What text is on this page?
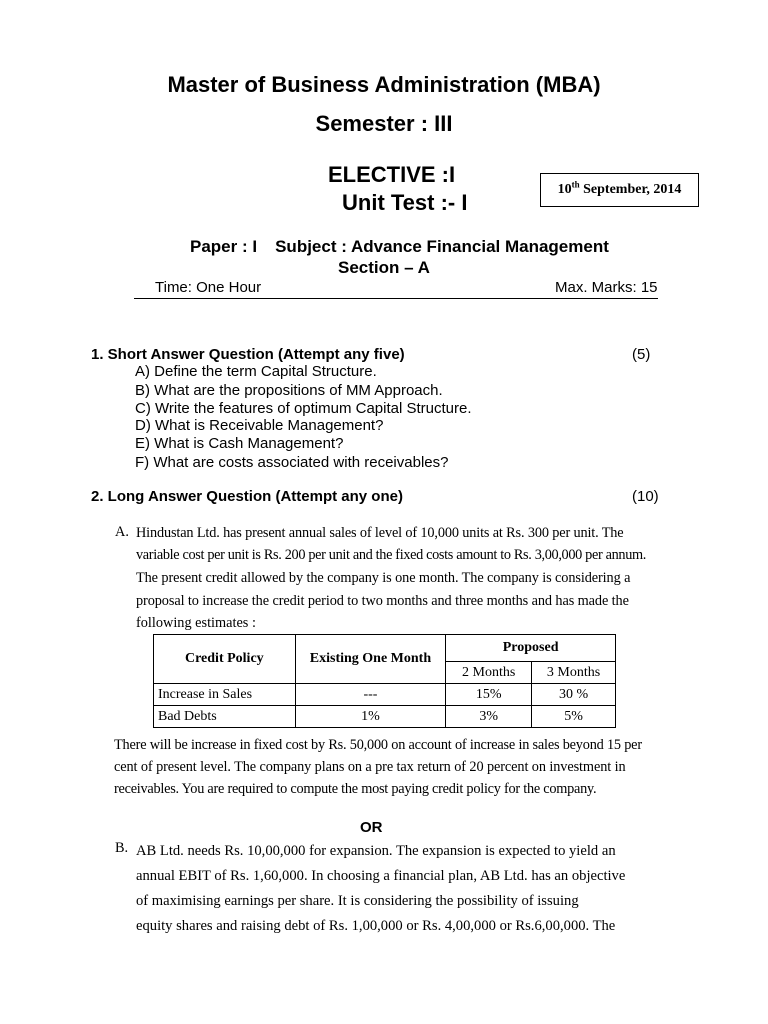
Master of Business Administration (MBA)
Semester : III
ELECTIVE :I
Unit Test :- I
10th September, 2014
Paper : I Subject : Advance Financial Management
Section – A
Time: One Hour	Max. Marks: 15
1. Short Answer Question (Attempt any five)	(5)
A) Define the term Capital Structure.
B) What are the propositions of MM Approach.
C) Write the features of optimum Capital Structure.
D) What is Receivable Management?
E) What is Cash Management?
F) What are costs associated with receivables?
2. Long Answer Question (Attempt any one)	(10)
A. Hindustan Ltd. has present annual sales of level of 10,000 units at Rs. 300 per unit. The
variable cost per unit is Rs. 200 per unit and the fixed costs amount to Rs. 3,00,000 per annum.
The present credit allowed by the company is one month. The company is considering a
proposal to increase the credit period to two months and three months and has made the
following estimates :
Credit Policy	Existing One Month	Proposed	
		2 Months	3 Months
Increase in Sales	---	15%	30 %
Bad Debts	1%	3%	5%
There will be increase in fixed cost by Rs. 50,000 on account of increase in sales beyond 15 per
cent of present level. The company plans on a pre tax return of 20 percent on investment in
receivables. You are required to compute the most paying credit policy for the company.
OR
B. AB Ltd. needs Rs. 10,00,000 for expansion. The expansion is expected to yield an
annual EBIT of Rs. 1,60,000. In choosing a financial plan, AB Ltd. has an objective
of maximising earnings per share. It is considering the possibility of issuing
equity shares and raising debt of Rs. 1,00,000 or Rs. 4,00,000 or Rs.6,00,000. The
